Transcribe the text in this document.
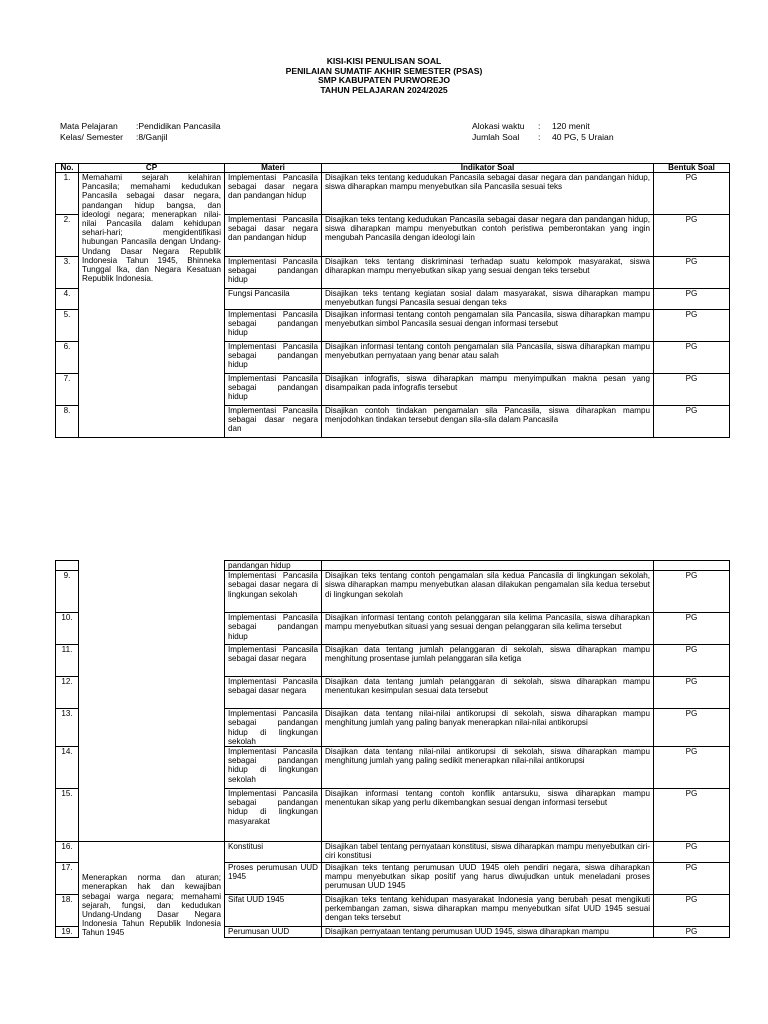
KISI-KISI PENULISAN SOAL
PENILAIAN SUMATIF AKHIR SEMESTER (PSAS)
SMP KABUPATEN PURWOREJO
TAHUN PELAJARAN 2024/2025
Mata Pelajaran :Pendidikan Pancasila
Kelas/ Semester :8/Ganjil
Alokasi waktu : 120 menit
Jumlah Soal : 40 PG, 5 Uraian
No.	CP	Materi	Indikator Soal	Bentuk Soal
1.	Memahami sejarah kelahiran Pancasila; memahami kedudukan Pancasila sebagai dasar negara, pandangan hidup bangsa, dan ideologi negara; menerapkan nilai- nilai Pancasila dalam kehidupan sehari-hari; mengidentifikasi hubungan Pancasila dengan Undang-Undang Dasar Negara Republik Indonesia Tahun 1945, Bhinneka Tunggal Ika, dan Negara Kesatuan Republik Indonesia.	Implementasi Pancasila sebagai dasar negara dan pandangan hidup	Disajikan teks tentang kedudukan Pancasila sebagai dasar negara dan pandangan hidup, siswa diharapkan mampu menyebutkan sila Pancasila sesuai teks	PG
2.		Implementasi Pancasila sebagai dasar negara dan pandangan hidup	Disajikan teks tentang kedudukan Pancasila sebagai dasar negara dan pandangan hidup, siswa diharapkan mampu menyebutkan contoh peristiwa pemberontakan yang ingin mengubah Pancasila dengan ideologi lain	PG
3.		Implementasi Pancasila sebagai pandangan hidup	Disajikan teks tentang diskriminasi terhadap suatu kelompok masyarakat, siswa diharapkan mampu menyebutkan sikap yang sesuai dengan teks tersebut	PG
4.		Fungsi Pancasila	Disajikan teks tentang kegiatan sosial dalam masyarakat, siswa diharapkan mampu menyebutkan fungsi Pancasila sesuai dengan teks	PG
5.		Implementasi Pancasila sebagai pandangan hidup	Disajikan informasi tentang contoh pengamalan sila Pancasila, siswa diharapkan mampu menyebutkan simbol Pancasila sesuai dengan informasi tersebut	PG
6.		Implementasi Pancasila sebagai pandangan hidup	Disajikan informasi tentang contoh pengamalan sila Pancasila, siswa diharapkan mampu menyebutkan pernyataan yang benar atau salah	PG
7.		Implementasi Pancasila sebagai pandangan hidup	Disajikan infografis, siswa diharapkan mampu menyimpulkan makna pesan yang disampaikan pada infografis tersebut	PG
8.		Implementasi Pancasila sebagai dasar negara dan	Disajikan contoh tindakan pengamalan sila Pancasila, siswa diharapkan mampu menjodohkan tindakan tersebut dengan sila-sila dalam Pancasila	PG
		pandangan hidup		
9.		Implementasi Pancasila sebagai dasar negara di lingkungan sekolah	Disajikan teks tentang contoh pengamalan sila kedua Pancasila di lingkungan sekolah, siswa diharapkan mampu menyebutkan alasan dilakukan pengamalan sila kedua tersebut di lingkungan sekolah	PG
10.		Implementasi Pancasila sebagai pandangan hidup	Disajikan informasi tentang contoh pelanggaran sila kelima Pancasila, siswa diharapkan mampu menyebutkan situasi yang sesuai dengan pelanggaran sila kelima tersebut	PG
11.		Implementasi Pancasila sebagai dasar negara	Disajikan data tentang jumlah pelanggaran di sekolah, siswa diharapkan mampu menghitung prosentase jumlah pelanggaran sila ketiga	PG
12.		Implementasi Pancasila sebagai dasar negara	Disajikan data tentang jumlah pelanggaran di sekolah, siswa diharapkan mampu menentukan kesimpulan sesuai data tersebut	PG
13.		Implementasi Pancasila sebagai pandangan hidup di lingkungan sekolah	Disajikan data tentang nilai-nilai antikorupsi di sekolah, siswa diharapkan mampu menghitung jumlah yang paling banyak menerapkan nilai-nilai antikorupsi	PG
14.		Implementasi Pancasila sebagai pandangan hidup di lingkungan sekolah	Disajikan data tentang nilai-nilai antikorupsi di sekolah, siswa diharapkan mampu menghitung jumlah yang paling sedikit menerapkan nilai-nilai antikorupsi	PG
15.		Implementasi Pancasila sebagai pandangan hidup di lingkungan masyarakat	Disajikan informasi tentang contoh konflik antarsuku, siswa diharapkan mampu menentukan sikap yang perlu dikembangkan sesuai dengan informasi tersebut	PG
16.	Menerapkan norma dan aturan; menerapkan hak dan kewajiban sebagai warga negara; memahami sejarah, fungsi, dan kedudukan Undang-Undang Dasar Negara Indonesia Tahun Republik Indonesia Tahun 1945	Konstitusi	Disajikan tabel tentang pernyataan konstitusi, siswa diharapkan mampu menyebutkan ciri-ciri konstitusi	PG
17.		Proses perumusan UUD 1945	Disajikan teks tentang perumusan UUD 1945 oleh pendiri negara, siswa diharapkan mampu menyebutkan sikap positif yang harus diwujudkan untuk meneladani proses perumusan UUD 1945	PG
18.		Sifat UUD 1945	Disajikan teks tentang kehidupan masyarakat Indonesia yang berubah pesat mengikuti perkembangan zaman, siswa diharapkan mampu menyebutkan sifat UUD 1945 sesuai dengan teks tersebut	PG
19.		Perumusan UUD	Disajikan pernyataan tentang perumusan UUD 1945, siswa diharapkan mampu	PG
